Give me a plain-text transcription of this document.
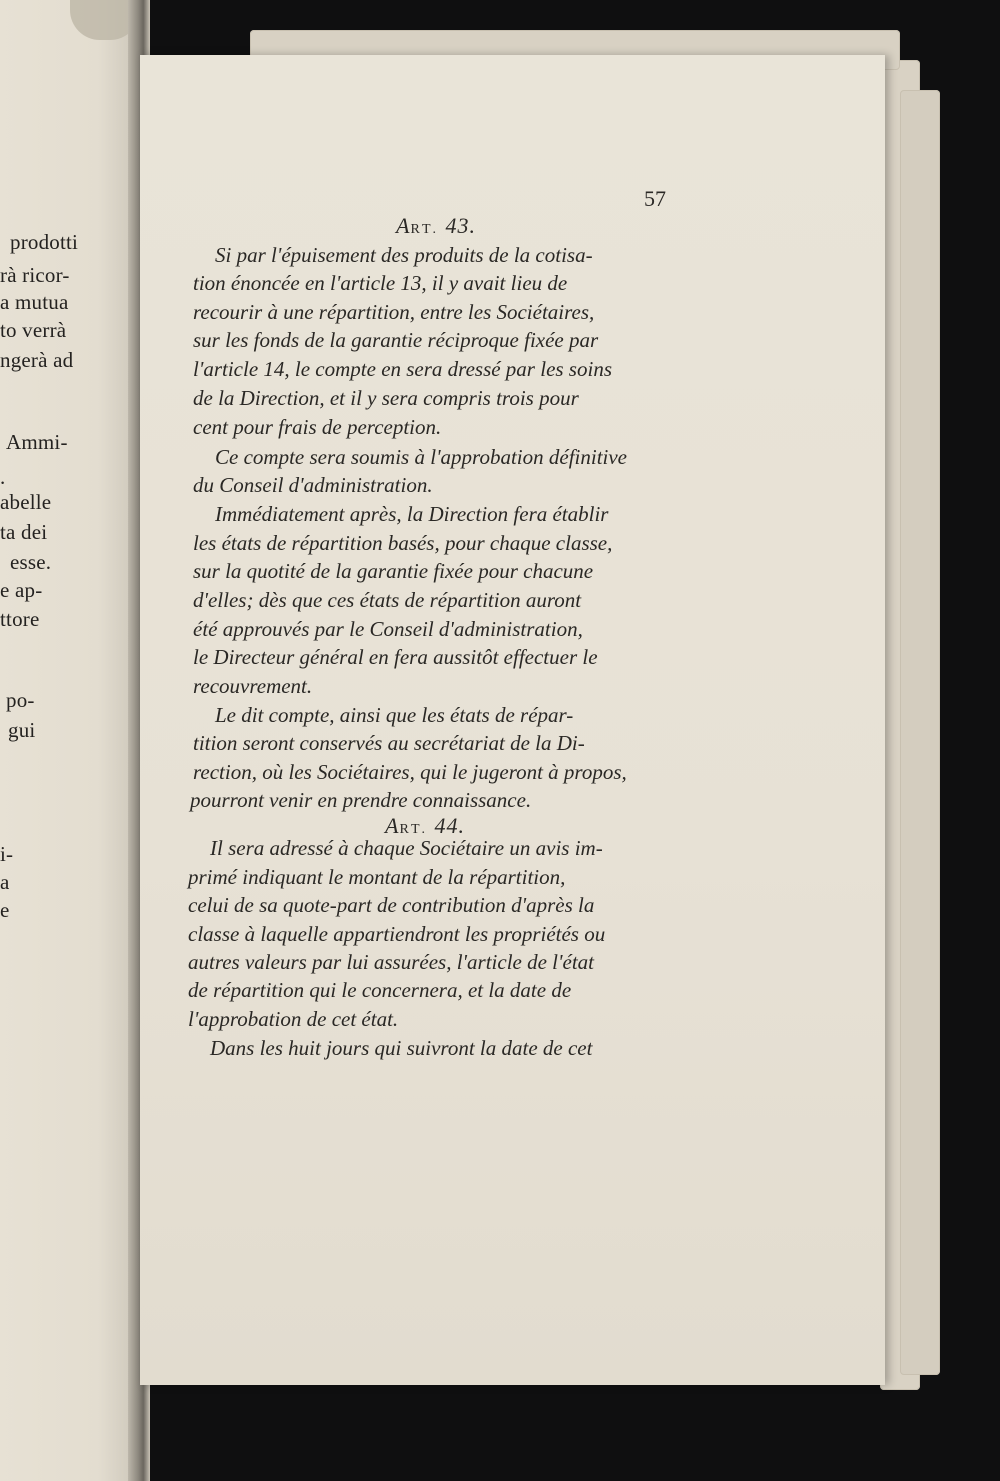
prodotti
rà ricor-
a mutua
to verrà
ngerà ad
Ammi-
.
abelle
ta dei
esse.
e ap-
ttore
po-
gui
i-
a
e
57
ART. 43.
Si par l'épuisement des produits de la cotisa-
tion énoncée en l'article 13, il y avait lieu de
recourir à une répartition, entre les Sociétaires,
sur les fonds de la garantie réciproque fixée par
l'article 14, le compte en sera dressé par les soins
de la Direction, et il y sera compris trois pour
cent pour frais de perception.
Ce compte sera soumis à l'approbation définitive
du Conseil d'administration.
Immédiatement après, la Direction fera établir
les états de répartition basés, pour chaque classe,
sur la quotité de la garantie fixée pour chacune
d'elles; dès que ces états de répartition auront
été approuvés par le Conseil d'administration,
le Directeur général en fera aussitôt effectuer le
recouvrement.
Le dit compte, ainsi que les états de répar-
tition seront conservés au secrétariat de la Di-
rection, où les Sociétaires, qui le jugeront à propos,
pourront venir en prendre connaissance.
ART. 44.
Il sera adressé à chaque Sociétaire un avis im-
primé indiquant le montant de la répartition,
celui de sa quote-part de contribution d'après la
classe à laquelle appartiendront les propriétés ou
autres valeurs par lui assurées, l'article de l'état
de répartition qui le concernera, et la date de
l'approbation de cet état.
Dans les huit jours qui suivront la date de cet
